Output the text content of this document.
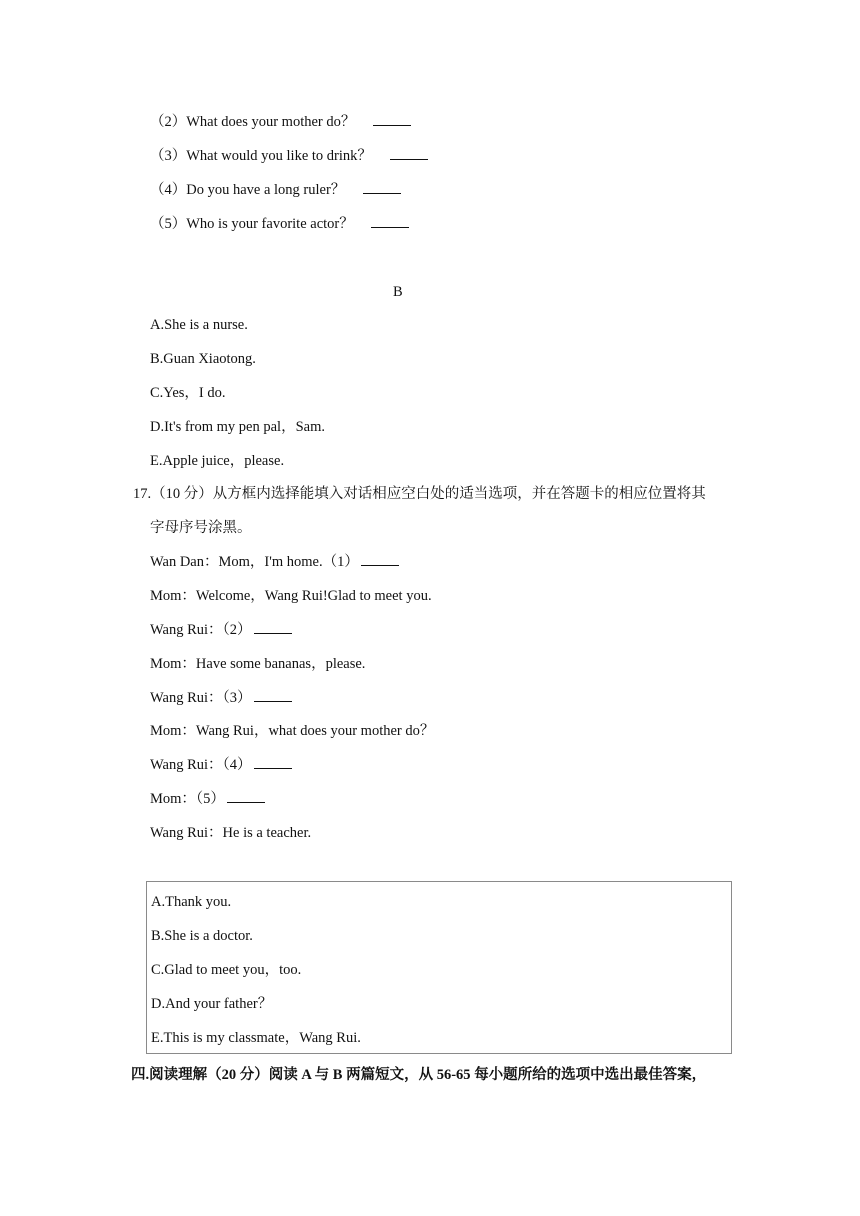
（2）What does your mother do？
（3）What would you like to drink？
（4）Do you have a long ruler？
（5）Who is your favorite actor？
B
A.She is a nurse.
B.Guan Xiaotong.
C.Yes，I do.
D.It's from my pen pal，Sam.
E.Apple juice，please.
17.（10 分）从方框内选择能填入对话相应空白处的适当选项，并在答题卡的相应位置将其
字母序号涂黑。
Wan Dan：Mom，I'm home.（1）
Mom：Welcome，Wang Rui!Glad to meet you.
Wang Rui：（2）
Mom：Have some bananas，please.
Wang Rui：（3）
Mom：Wang Rui，what does your mother do？
Wang Rui：（4）
Mom：（5）
Wang Rui：He is a teacher.
A.Thank you.
B.She is a doctor.
C.Glad to meet you，too.
D.And your father？
E.This is my classmate，Wang Rui.
四.阅读理解（20 分）阅读 A 与 B 两篇短文，从 56-65 每小题所给的选项中选出最佳答案，
